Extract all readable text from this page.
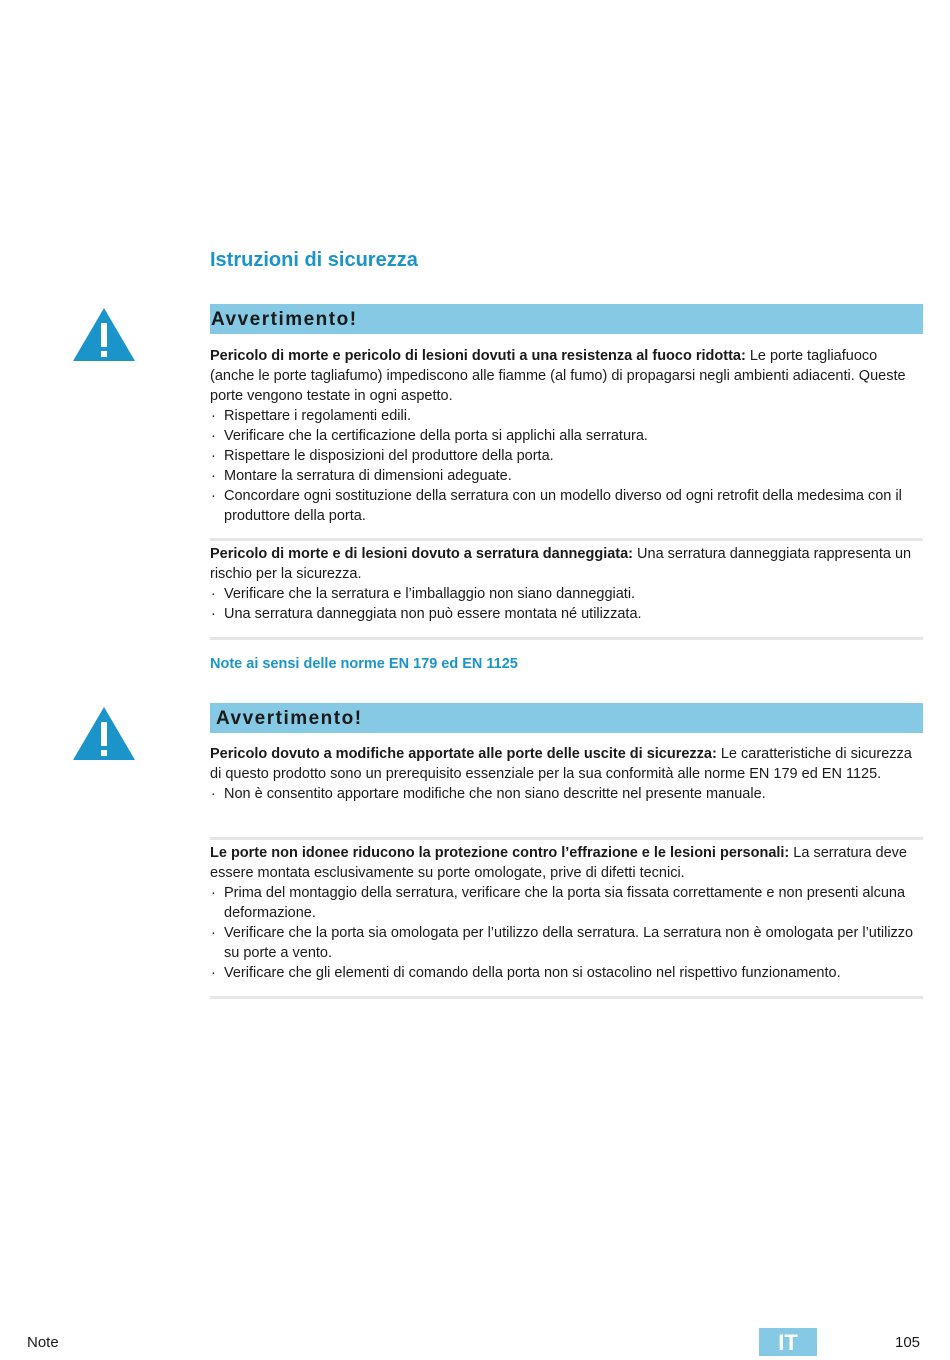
Istruzioni di sicurezza
Avvertimento!

Pericolo di morte e pericolo di lesioni dovuti a una resistenza al fuoco ridotta: Le porte tagliafuoco (anche le porte tagliafumo) impediscono alle fiamme (al fumo) di propagarsi negli ambienti adiacenti. Queste porte vengono testate in ogni aspetto.

· Rispettare i regolamenti edili.
· Verificare che la certificazione della porta si applichi alla serratura.
· Rispettare le disposizioni del produttore della porta.
· Montare la serratura di dimensioni adeguate.
· Concordare ogni sostituzione della serratura con un modello diverso od ogni retrofit della medesima con il produttore della porta.

Pericolo di morte e di lesioni dovuto a serratura danneggiata: Una serratura danneggiata rappresenta un rischio per la sicurezza.

· Verificare che la serratura e l’imballaggio non siano danneggiati.
· Una serratura danneggiata non può essere montata né utilizzata.
Note ai sensi delle norme EN 179 ed EN 1125
Avvertimento!

Pericolo dovuto a modifiche apportate alle porte delle uscite di sicurezza: Le caratteristiche di sicurezza di questo prodotto sono un prerequisito essenziale per la sua conformità alle norme EN 179 ed EN 1125.

· Non è consentito apportare modifiche che non siano descritte nel presente manuale.

Le porte non idonee riducono la protezione contro l’effrazione e le lesioni personali: La serratura deve essere montata esclusivamente su porte omologate, prive di difetti tecnici.

· Prima del montaggio della serratura, verificare che la porta sia fissata correttamente e non presenti alcuna deformazione.
· Verificare che la porta sia omologata per l’utilizzo della serratura. La serratura non è omologata per l’utilizzo su porte a vento.
· Verificare che gli elementi di comando della porta non si ostacolino nel rispettivo funzionamento.
Note	IT	105
